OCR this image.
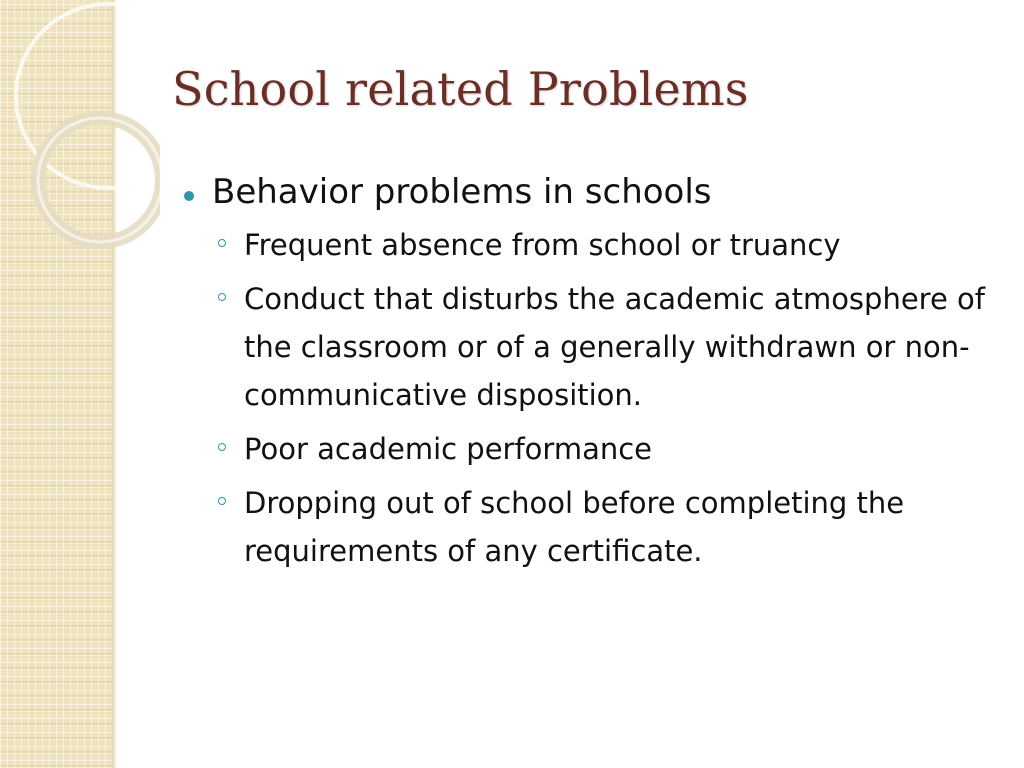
School related Problems
Behavior problems in schools
Frequent absence from school or truancy
Conduct that disturbs the academic atmosphere of the classroom or of a generally withdrawn or non-communicative disposition.
Poor academic performance
Dropping out of school before completing the requirements of any certificate.
